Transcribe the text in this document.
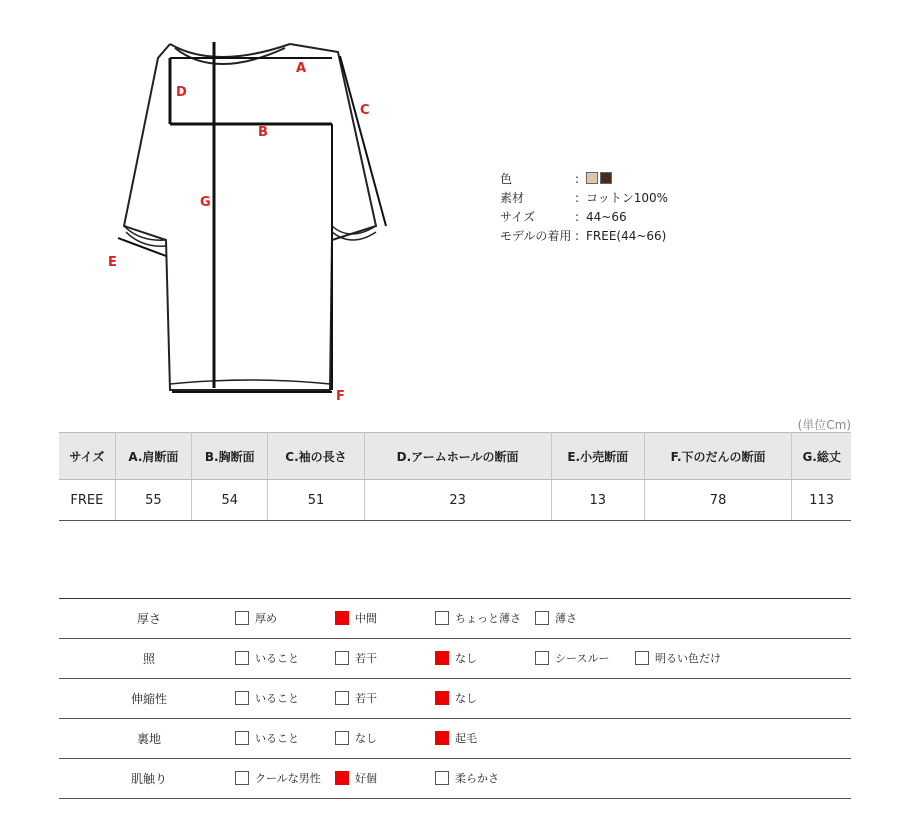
A
B
C
D
E
F
G
色	:
素材	: コットン100%
サイズ	: 44~66
モデルの着用 : FREE(44~66)
(単位Cm)
サイズ	A.肩断面	B.胸断面	C.袖の長さ	D.アームホールの断面	E.小売断面	F.下のだんの断面	G.総丈
FREE	55	54	51	23	13	78	113
厚さ	厚め	中間	ちょっと薄さ	薄さ
照	いること	若干	なし	シースルー	明るい色だけ
伸縮性	いること	若干	なし
裏地	いること	なし	起毛
肌触り	クールな男性	好個	柔らかさ
